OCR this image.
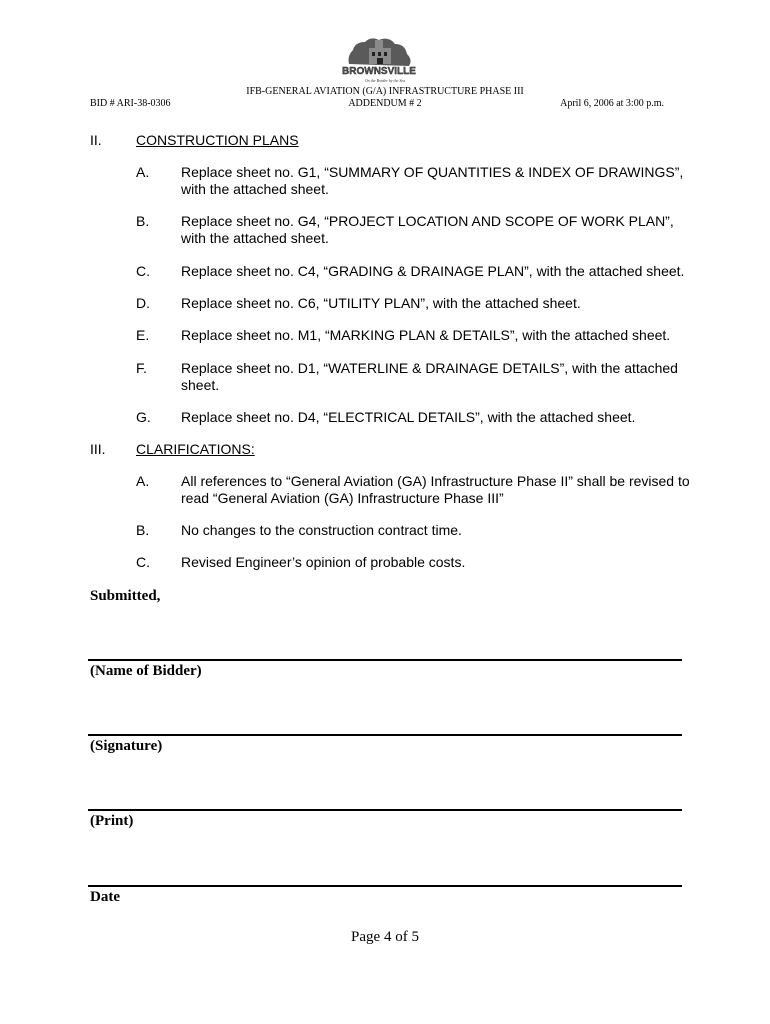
BROWNSVILLE
On the Border by the Sea
IFB-GENERAL AVIATION (G/A) INFRASTRUCTURE PHASE III
BID # ARI-38-0306	ADDENDUM # 2	April 6, 2006 at 3:00 p.m.
II. CONSTRUCTION PLANS
A. Replace sheet no. G1, “SUMMARY OF QUANTITIES & INDEX OF DRAWINGS”, with the attached sheet.
B. Replace sheet no. G4, “PROJECT LOCATION AND SCOPE OF WORK PLAN”, with the attached sheet.
C. Replace sheet no. C4, “GRADING & DRAINAGE PLAN”, with the attached sheet.
D. Replace sheet no. C6, “UTILITY PLAN”, with the attached sheet.
E. Replace sheet no. M1, “MARKING PLAN & DETAILS”, with the attached sheet.
F. Replace sheet no. D1, “WATERLINE & DRAINAGE DETAILS”, with the attached sheet.
G. Replace sheet no. D4, “ELECTRICAL DETAILS”, with the attached sheet.
III. CLARIFICATIONS:
A. All references to “General Aviation (GA) Infrastructure Phase II” shall be revised to read “General Aviation (GA) Infrastructure Phase III”
B. No changes to the construction contract time.
C. Revised Engineer’s opinion of probable costs.
Submitted,
(Name of Bidder)
(Signature)
(Print)
Date
Page 4 of 5
